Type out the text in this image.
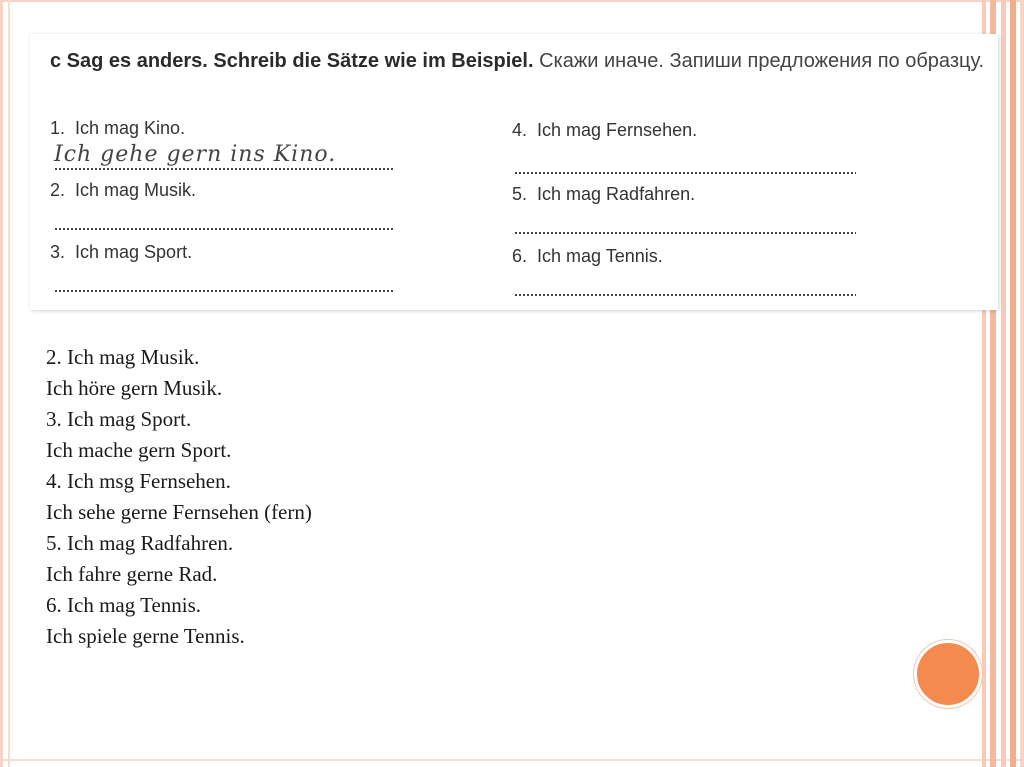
c Sag es anders. Schreib die Sätze wie im Beispiel. Скажи иначе. Запиши предложения по образцу.
1. Ich mag Kino.
Ich gehe gern ins Kino.
2. Ich mag Musik.
3. Ich mag Sport.
4. Ich mag Fernsehen.
5. Ich mag Radfahren.
6. Ich mag Tennis.
2. Ich mag Musik.
Ich höre gern Musik.
3. Ich mag Sport.
Ich mache gern Sport.
4. Ich msg Fernsehen.
Ich sehe gerne Fernsehen (fern)
5. Ich mag Radfahren.
Ich fahre gerne Rad.
6. Ich mag Tennis.
Ich spiele gerne Tennis.
